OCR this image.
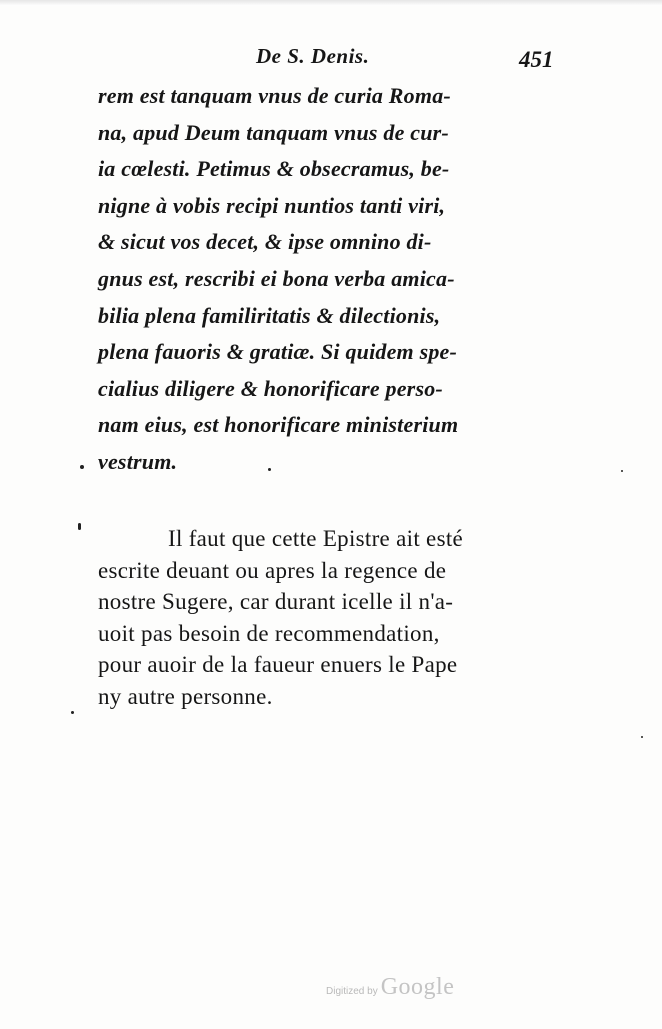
De S. Denis.	451
rem est tanquam vnus de curia Roma-
na, apud Deum tanquam vnus de cur-
ia cœlesti. Petimus & obsecramus, be-
nigne à vobis recipi nuntios tanti viri,
& sicut vos decet, & ipse omnino di-
gnus est, rescribi ei bona verba amica-
bilia plena familiritatis & dilectionis,
plena fauoris & gratiæ. Si quidem spe-
cialius diligere & honorificare perso-
nam eius, est honorificare ministerium
vestrum.
Il faut que cette Epistre ait esté
escrite deuant ou apres la regence de
nostre Sugere, car durant icelle il n'a-
uoit pas besoin de recommendation,
pour auoir de la faueur enuers le Pape
ny autre personne.
Digitized by Google
